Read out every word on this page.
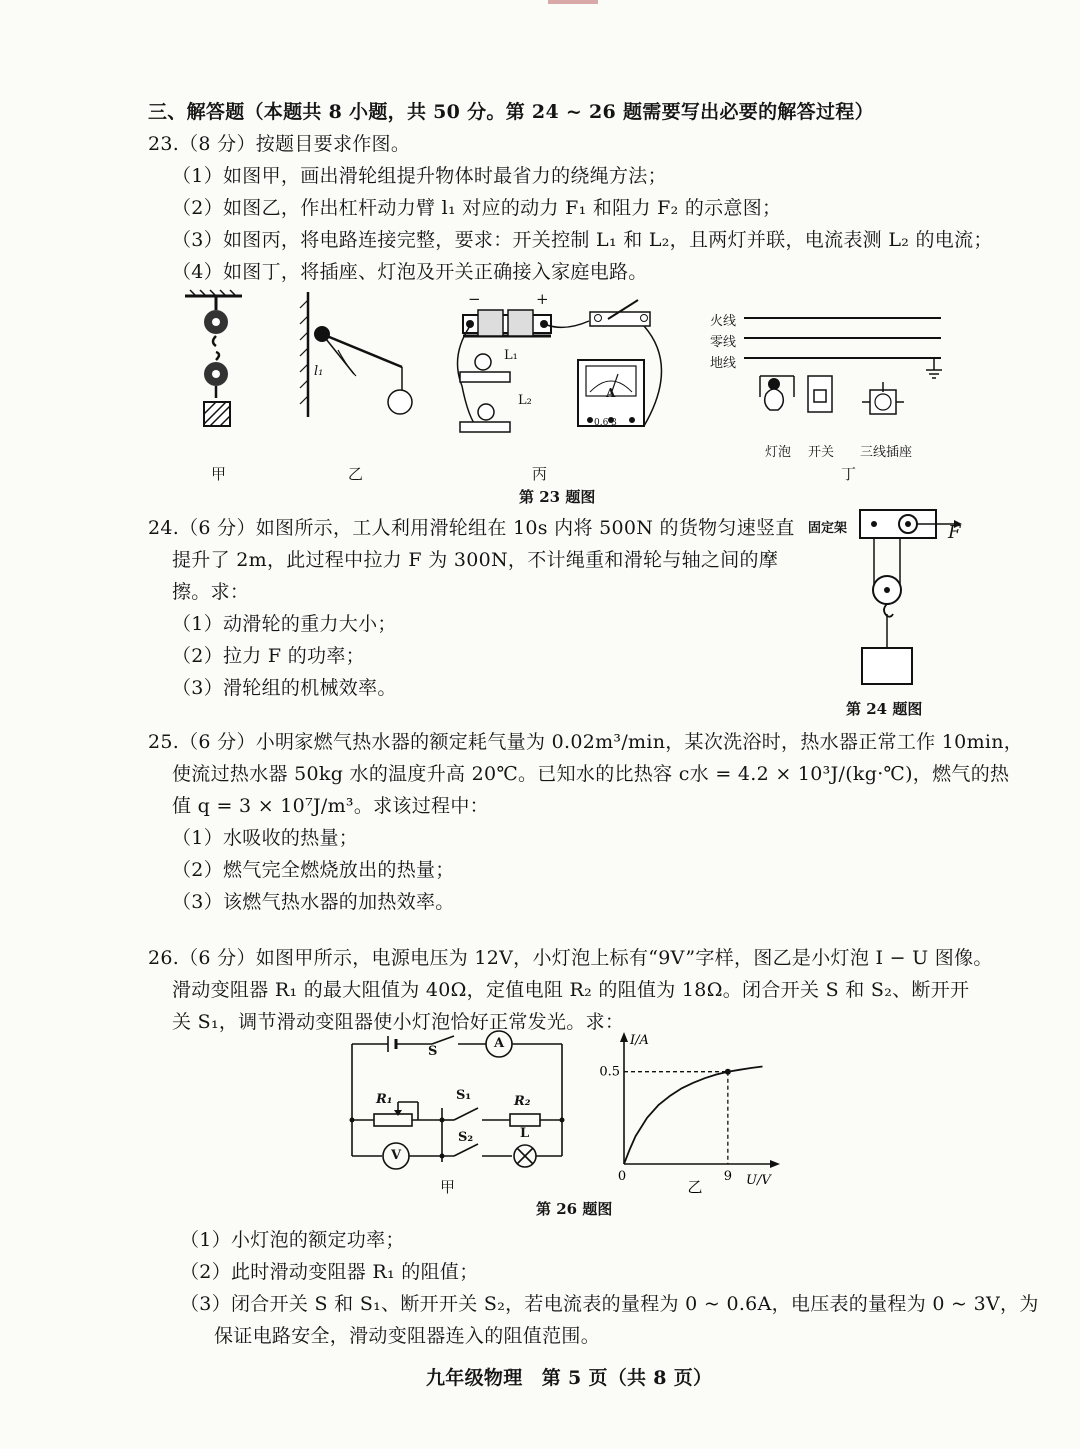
三、解答题（本题共 8 小题，共 50 分。第 24 ~ 26 题需要写出必要的解答过程）
23.（8 分）按题目要求作图。
（1）如图甲，画出滑轮组提升物体时最省力的绕绳方法；
（2）如图乙，作出杠杆动力臂 l₁ 对应的动力 F₁ 和阻力 F₂ 的示意图；
（3）如图丙，将电路连接完整，要求：开关控制 L₁ 和 L₂，且两灯并联，电流表测 L₂ 的电流；
（4）如图丁，将插座、灯泡及开关正确接入家庭电路。
甲
l₁
乙
−	+
L₁
L₂	A
0.6 3
丙
火线
零线
地线
灯泡 开关 三线插座
丁
第 23 题图
24.（6 分）如图所示，工人利用滑轮组在 10s 内将 500N 的货物匀速竖直
提升了 2m，此过程中拉力 F 为 300N，不计绳重和滑轮与轴之间的摩
擦。求：
（1）动滑轮的重力大小；
（2）拉力 F 的功率；
（3）滑轮组的机械效率。
固定架	F
第 24 题图
25.（6 分）小明家燃气热水器的额定耗气量为 0.02m³/min，某次洗浴时，热水器正常工作 10min，
使流过热水器 50kg 水的温度升高 20℃。已知水的比热容 c水 = 4.2 × 10³J/(kg·℃)，燃气的热
值 q = 3 × 10⁷J/m³。求该过程中：
（1）水吸收的热量；
（2）燃气完全燃烧放出的热量；
（3）该燃气热水器的加热效率。
26.（6 分）如图甲所示，电源电压为 12V，小灯泡上标有“9V”字样，图乙是小灯泡 I − U 图像。
滑动变阻器 R₁ 的最大阻值为 40Ω，定值电阻 R₂ 的阻值为 18Ω。闭合开关 S 和 S₂、断开开
关 S₁，调节滑动变阻器使小灯泡恰好正常发光。求：
S
A
R₁	S₁	R₂
S₂	L
V
甲
0.5
9
0
I/A
U/V
乙
第 26 题图
（1）小灯泡的额定功率；
（2）此时滑动变阻器 R₁ 的阻值；
（3）闭合开关 S 和 S₁、断开开关 S₂，若电流表的量程为 0 ~ 0.6A，电压表的量程为 0 ~ 3V，为
保证电路安全，滑动变阻器连入的阻值范围。
九年级物理　第 5 页（共 8 页）
